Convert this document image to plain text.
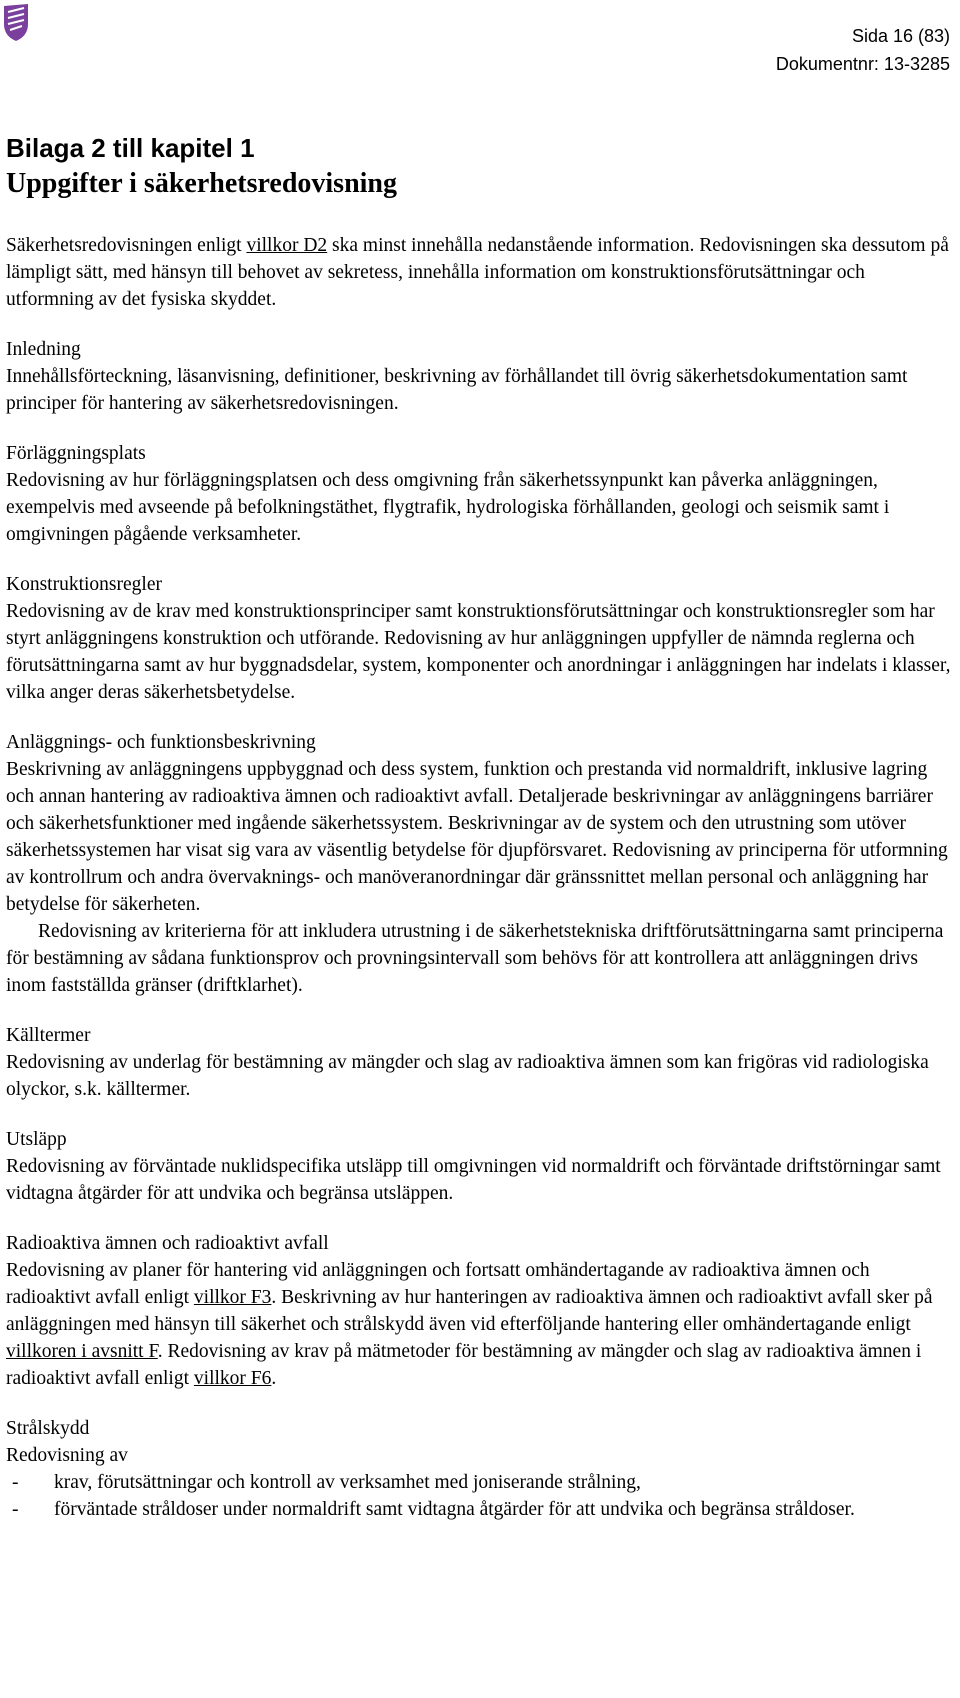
Sida 16 (83)
Dokumentnr: 13-3285
Bilaga 2 till kapitel 1
Uppgifter i säkerhetsredovisning

Säkerhetsredovisningen enligt villkor D2 ska minst innehålla nedanstående information. Redovisningen ska dessutom på lämpligt sätt, med hänsyn till behovet av sekretess, innehålla information om konstruktionsförutsättningar och utformning av det fysiska skyddet.

Inledning
Innehållsförteckning, läsanvisning, definitioner, beskrivning av förhållandet till övrig säkerhetsdokumentation samt principer för hantering av säkerhetsredovisningen.

Förläggningsplats
Redovisning av hur förläggningsplatsen och dess omgivning från säkerhetssynpunkt kan påverka anläggningen, exempelvis med avseende på befolkningstäthet, flygtrafik, hydrologiska förhållanden, geologi och seismik samt i omgivningen pågående verksamheter.

Konstruktionsregler
Redovisning av de krav med konstruktionsprinciper samt konstruktionsförutsättningar och konstruktionsregler som har styrt anläggningens konstruktion och utförande. Redovisning av hur anläggningen uppfyller de nämnda reglerna och förutsättningarna samt av hur byggnadsdelar, system, komponenter och anordningar i anläggningen har indelats i klasser, vilka anger deras säkerhetsbetydelse.

Anläggnings- och funktionsbeskrivning
Beskrivning av anläggningens uppbyggnad och dess system, funktion och prestanda vid normaldrift, inklusive lagring och annan hantering av radioaktiva ämnen och radioaktivt avfall. Detaljerade beskrivningar av anläggningens barriärer och säkerhetsfunktioner med ingående säkerhetssystem. Beskrivningar av de system och den utrustning som utöver säkerhetssystemen har visat sig vara av väsentlig betydelse för djupförsvaret. Redovisning av principerna för utformning av kontrollrum och andra övervaknings- och manöveranordningar där gränssnittet mellan personal och anläggning har betydelse för säkerheten.

Redovisning av kriterierna för att inkludera utrustning i de säkerhetstekniska driftförutsättningarna samt principerna för bestämning av sådana funktionsprov och provningsintervall som behövs för att kontrollera att anläggningen drivs inom fastställda gränser (driftklarhet).

Källtermer
Redovisning av underlag för bestämning av mängder och slag av radioaktiva ämnen som kan frigöras vid radiologiska olyckor, s.k. källtermer.

Utsläpp
Redovisning av förväntade nuklidspecifika utsläpp till omgivningen vid normaldrift och förväntade driftstörningar samt vidtagna åtgärder för att undvika och begränsa utsläppen.

Radioaktiva ämnen och radioaktivt avfall
Redovisning av planer för hantering vid anläggningen och fortsatt omhändertagande av radioaktiva ämnen och radioaktivt avfall enligt villkor F3. Beskrivning av hur hanteringen av radioaktiva ämnen och radioaktivt avfall sker på anläggningen med hänsyn till säkerhet och strålskydd även vid efterföljande hantering eller omhändertagande enligt villkoren i avsnitt F. Redovisning av krav på mätmetoder för bestämning av mängder och slag av radioaktiva ämnen i radioaktivt avfall enligt villkor F6.

Strålskydd
Redovisning av
- krav, förutsättningar och kontroll av verksamhet med joniserande strålning,
- förväntade stråldoser under normaldrift samt vidtagna åtgärder för att undvika och begränsa stråldoser.
